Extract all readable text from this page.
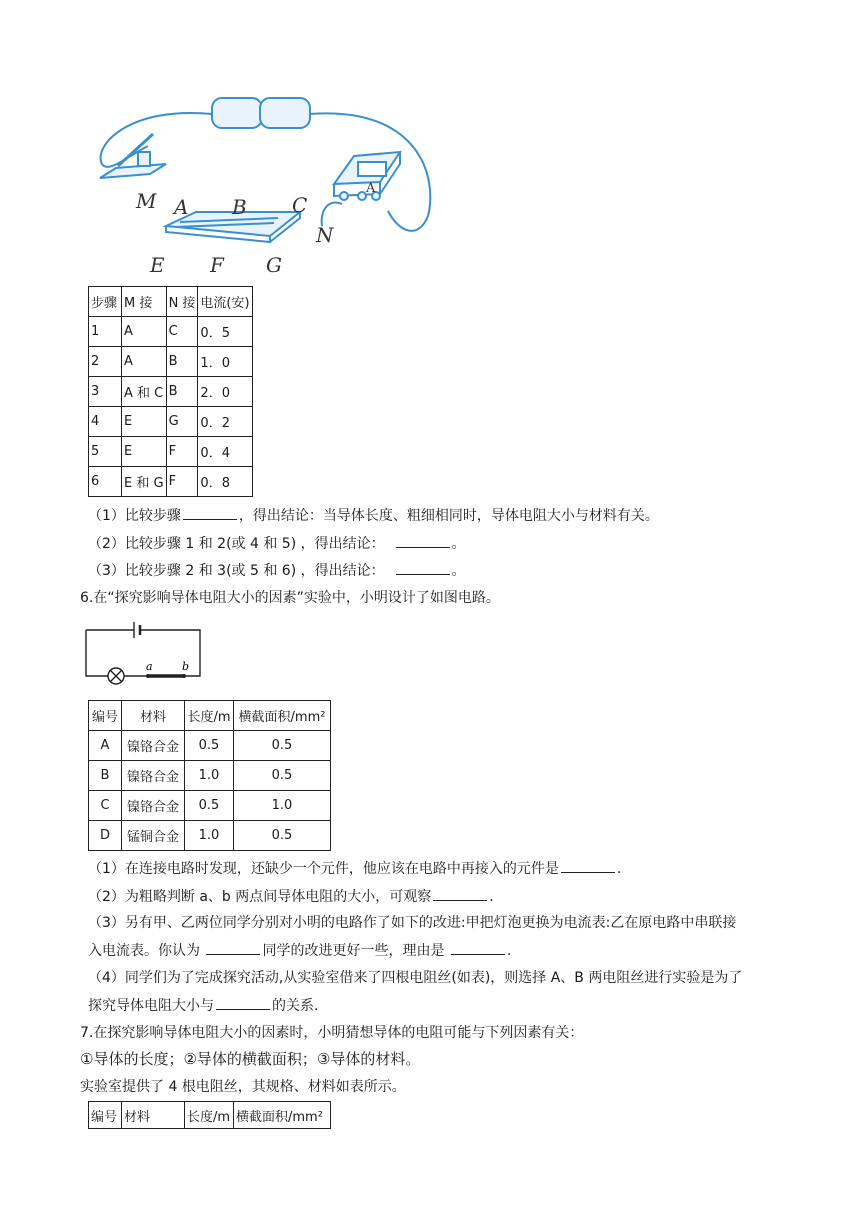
A
M A B C
N
E F G
步骤	M 接	N 接	电流(安)
1	A	C	0．5
2	A	B	1．0
3	A 和 C	B	2．0
4	E	G	0．2
5	E	F	0．4
6	E 和 G	F	0．8
（1）比较步骤	，得出结论：当导体长度、粗细相同时，导体电阻大小与材料有关。
（2）比较步骤 1 和 2(或 4 和 5) ，得出结论：	。
（3）比较步骤 2 和 3(或 5 和 6) ，得出结论：	。
6.在“探究影响导体电阻大小的因素”实验中，小明设计了如图电路。
a	b
编号	材料	长度/m	横截面积/mm²
A	镍铬合金	0.5	0.5
B	镍铬合金	1.0	0.5
C	镍铬合金	0.5	1.0
D	锰铜合金	1.0	0.5
（1）在连接电路时发现，还缺少一个元件，他应该在电路中再接入的元件是	.
（2）为粗略判断 a、b 两点间导体电阻的大小，可观察	.
（3）另有甲、乙两位同学分别对小明的电路作了如下的改进:甲把灯泡更换为电流表:乙在原电路中串联接
入电流表。你认为	同学的改进更好一些，理由是	.
（4）同学们为了完成探究活动,从实验室借来了四根电阻丝(如表)，则选择 A、B 两电阻丝进行实验是为了
探究导体电阻大小与	的关系.
7.在探究影响导体电阻大小的因素时，小明猜想导体的电阻可能与下列因素有关：
①导体的长度；②导体的横截面积；③导体的材料。
实验室提供了 4 根电阻丝，其规格、材料如表所示。
编号	材料	长度/m	横截面积/mm²
